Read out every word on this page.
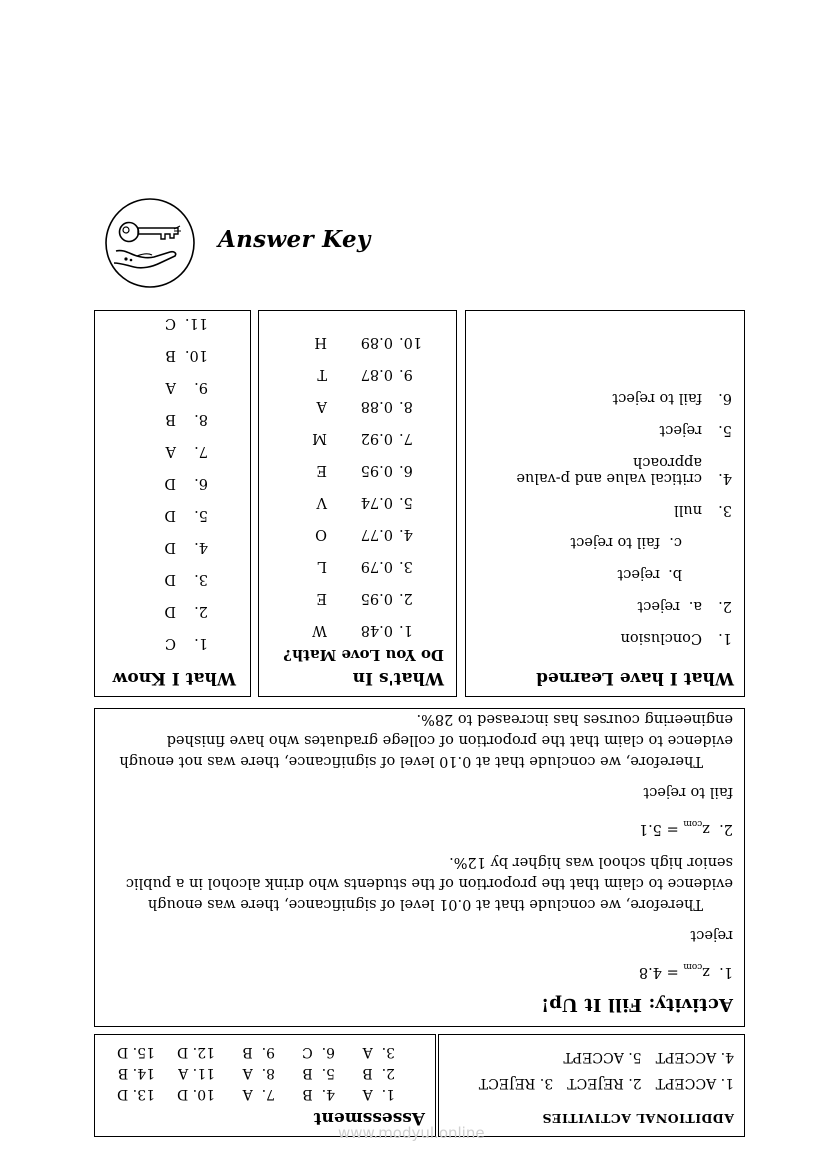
Answer Key
What I Know
1.C
2.D
3.D
4.D
5.D
6.D
7.A
8.B
9.A
10.B
11.C
What's In
Do You Love Math?
1.0.48W
2.0.95E
3.0.79L
4.0.77O
5.0.74V
6.0.95E
7.0.92M
8.0.88A
9.0.87T
10.0.89H
What I have Learned
1.
Conclusion
2.
a.
reject
b.
reject
c.
fail to reject
3.
null
4.
critical value and p-value approach
5.
reject
6.
fail to reject
Activity: Fill It Up!

1.  $z_{com} = 4.8$

reject

Therefore, we conclude that at 0.01 level of significance, there was enough evidence to claim that the proportion of the students who drink alcohol in a public senior high school was higher by 12%.

2.  $z_{com} = 5.1$

fail to reject

Therefore, we conclude that at 0.10 level of significance, there was not enough evidence to claim that the proportion of college graduates who have finished engineering courses has increased to 28%.

ADDITIONAL ACTIVITIES
1. ACCEPT2. REJECT3. REJECT
4. ACCEPT5. ACCEPT
Assessment
1.  A
4.  B
7.  A
10. D
13. D
2.  B
5.  B
8.  A
11. A
14. B
3.  A
6.  C
9.  B
12. D
15. D
www.modyul.online
